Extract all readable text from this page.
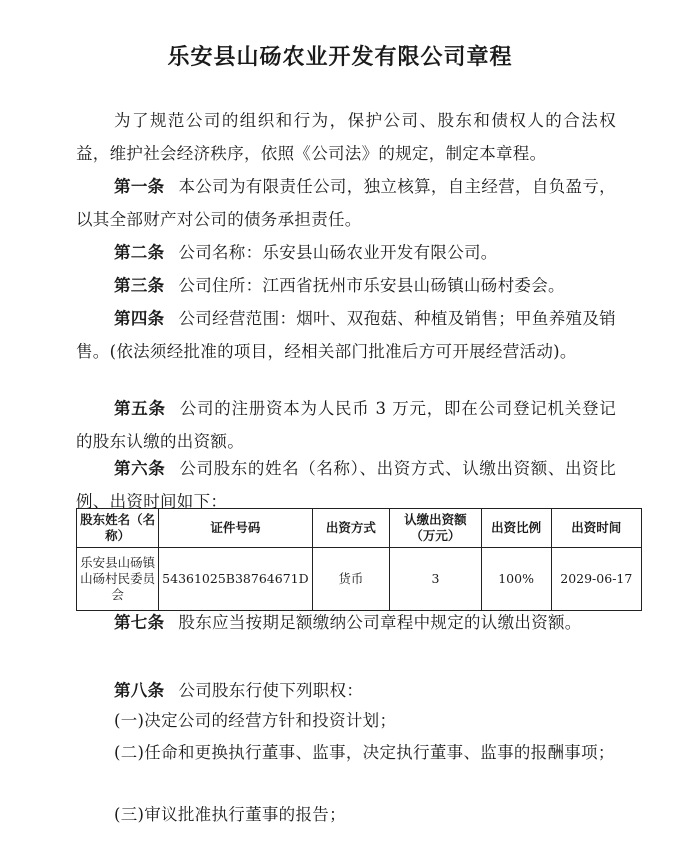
乐安县山砀农业开发有限公司章程

为了规范公司的组织和行为，保护公司、股东和债权人的合法权益，维护社会经济秩序，依照《公司法》的规定，制定本章程。

第一条 本公司为有限责任公司，独立核算，自主经营，自负盈亏，以其全部财产对公司的债务承担责任。

第二条 公司名称：乐安县山砀农业开发有限公司。

第三条 公司住所：江西省抚州市乐安县山砀镇山砀村委会。

第四条 公司经营范围：烟叶、双孢菇、种植及销售；甲鱼养殖及销售。(依法须经批准的项目，经相关部门批准后方可开展经营活动)。

第五条 公司的注册资本为人民币 3 万元，即在公司登记机关登记的股东认缴的出资额。

第六条 公司股东的姓名（名称）、出资方式、认缴出资额、出资比例、出资时间如下：

股东姓名（名称）	证件号码	出资方式	认缴出资额（万元）	出资比例	出资时间
乐安县山砀镇山砀村民委员会	54361025B38764671D	货币	3	100%	2029-06-17

第七条 股东应当按期足额缴纳公司章程中规定的认缴出资额。

第八条 公司股东行使下列职权：

(一)决定公司的经营方针和投资计划；

(二)任命和更换执行董事、监事，决定执行董事、监事的报酬事项；

(三)审议批准执行董事的报告；
